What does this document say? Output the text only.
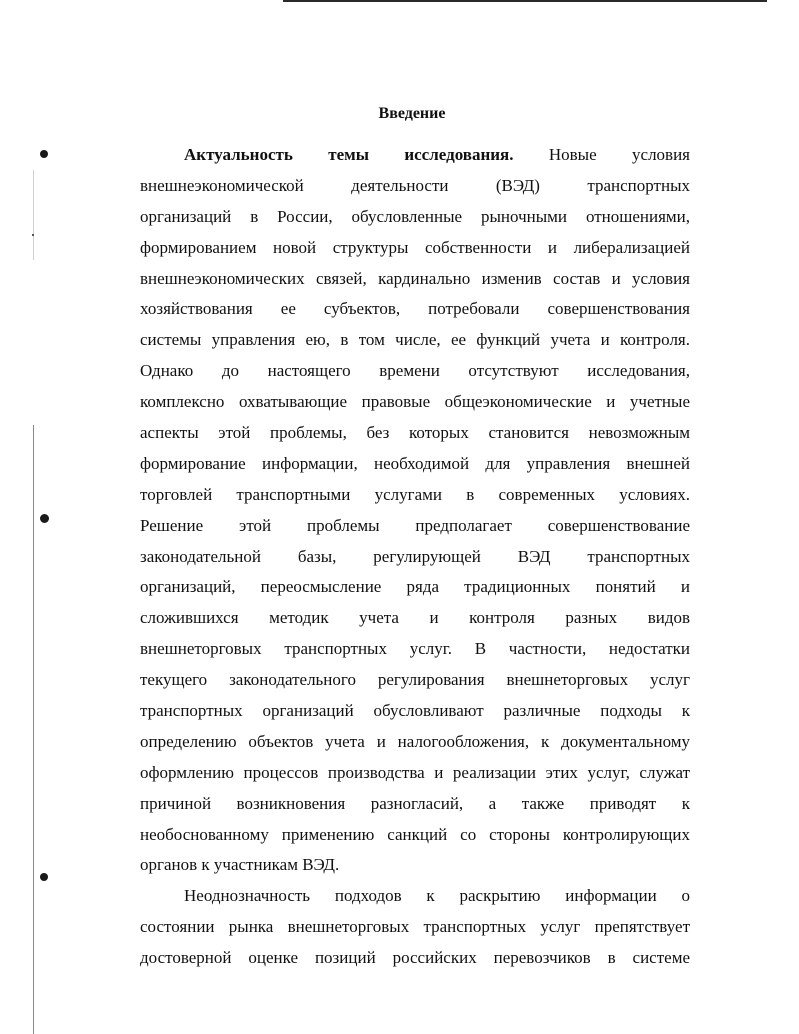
Введение
Актуальность темы исследования. Новые условия
внешнеэкономической деятельности (ВЭД) транспортных
организаций в России, обусловленные рыночными отношениями,
формированием новой структуры собственности и либерализацией
внешнеэкономических связей, кардинально изменив состав и условия
хозяйствования ее субъектов, потребовали совершенствования
системы управления ею, в том числе, ее функций учета и контроля.
Однако до настоящего времени отсутствуют исследования,
комплексно охватывающие правовые общеэкономические и учетные
аспекты этой проблемы, без которых становится невозможным
формирование информации, необходимой для управления внешней
торговлей транспортными услугами в современных условиях.
Решение этой проблемы предполагает совершенствование
законодательной базы, регулирующей ВЭД транспортных
организаций, переосмысление ряда традиционных понятий и
сложившихся методик учета и контроля разных видов
внешнеторговых транспортных услуг. В частности, недостатки
текущего законодательного регулирования внешнеторговых услуг
транспортных организаций обусловливают различные подходы к
определению объектов учета и налогообложения, к документальному
оформлению процессов производства и реализации этих услуг, служат
причиной возникновения разногласий, а также приводят к
необоснованному применению санкций со стороны контролирующих
органов к участникам ВЭД.
Неоднозначность подходов к раскрытию информации о
состоянии рынка внешнеторговых транспортных услуг препятствует
достоверной оценке позиций российских перевозчиков в системе
